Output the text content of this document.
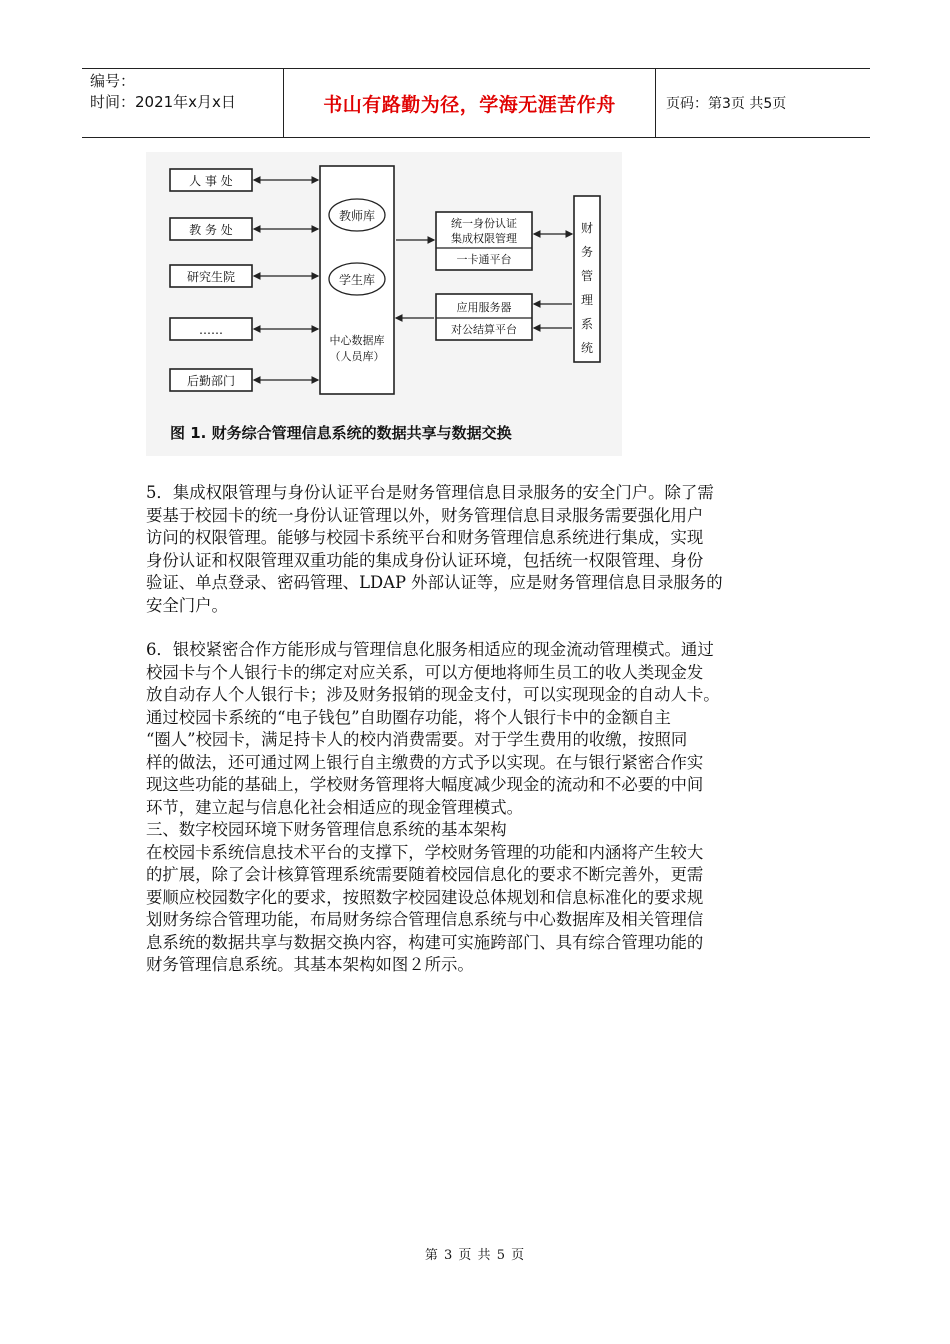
编号：
时间：2021年x月x日	书山有路勤为径，学海无涯苦作舟	页码：第3页 共5页
人 事 处
教 务 处
研究生院
……
后勤部门
教师库
学生库
中心数据库
（人员库）
统一身份认证
集成权限管理
一卡通平台
应用服务器
对公结算平台
财
务
管
理
系
统
图 1. 财务综合管理信息系统的数据共享与数据交换

5．集成权限管理与身份认证平台是财务管理信息目录服务的安全门户。除了需
要基于校园卡的统一身份认证管理以外，财务管理信息目录服务需要强化用户
访问的权限管理。能够与校园卡系统平台和财务管理信息系统进行集成，实现
身份认证和权限管理双重功能的集成身份认证环境，包括统一权限管理、身份
验证、单点登录、密码管理、LDAP 外部认证等，应是财务管理信息目录服务的
安全门户。

6．银校紧密合作方能形成与管理信息化服务相适应的现金流动管理模式。通过
校园卡与个人银行卡的绑定对应关系，可以方便地将师生员工的收人类现金发
放自动存人个人银行卡；涉及财务报销的现金支付，可以实现现金的自动人卡。
通过校园卡系统的“电子钱包”自助圈存功能，将个人银行卡中的金额自主
“圈人”校园卡，满足持卡人的校内消费需要。对于学生费用的收缴，按照同
样的做法，还可通过网上银行自主缴费的方式予以实现。在与银行紧密合作实
现这些功能的基础上，学校财务管理将大幅度减少现金的流动和不必要的中间
环节，建立起与信息化社会相适应的现金管理模式。

三、数字校园环境下财务管理信息系统的基本架构

在校园卡系统信息技术平台的支撑下，学校财务管理的功能和内涵将产生较大
的扩展，除了会计核算管理系统需要随着校园信息化的要求不断完善外，更需
要顺应校园数字化的要求，按照数字校园建设总体规划和信息标准化的要求规
划财务综合管理功能，布局财务综合管理信息系统与中心数据库及相关管理信
息系统的数据共享与数据交换内容，构建可实施跨部门、具有综合管理功能的
财务管理信息系统。其基本架构如图２所示。

第 3 页 共 5 页
